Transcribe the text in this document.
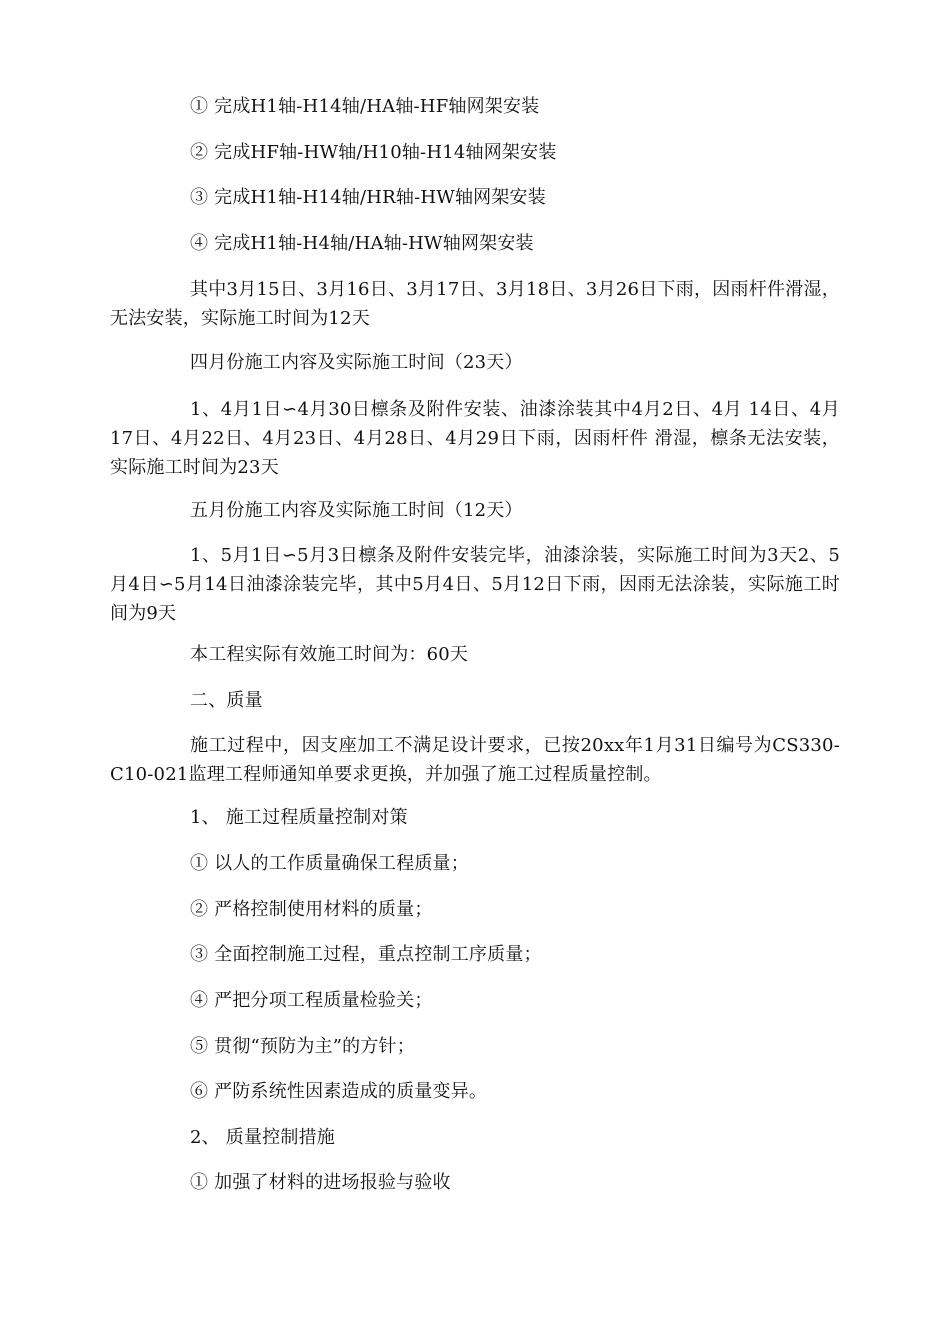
① 完成H1轴-H14轴/HA轴-HF轴网架安装

② 完成HF轴-HW轴/H10轴-H14轴网架安装

③ 完成H1轴-H14轴/HR轴-HW轴网架安装

④ 完成H1轴-H4轴/HA轴-HW轴网架安装

其中3月15日、3月16日、3月17日、3月18日、3月26日下雨，因雨杆件滑湿，无法安装，实际施工时间为12天

四月份施工内容及实际施工时间（23天）

1、4月1日∽4月30日檩条及附件安装、油漆涂装其中4月2日、4月 14日、4月17日、4月22日、4月23日、4月28日、4月29日下雨，因雨杆件 滑湿，檩条无法安装，实际施工时间为23天

五月份施工内容及实际施工时间（12天）

1、5月1日∽5月3日檩条及附件安装完毕，油漆涂装，实际施工时间为3天2、5月4日∽5月14日油漆涂装完毕，其中5月4日、5月12日下雨，因雨无法涂装，实际施工时间为9天

本工程实际有效施工时间为：60天

二、质量

施工过程中，因支座加工不满足设计要求，已按20xx年1月31日编号为CS330-C10-021监理工程师通知单要求更换，并加强了施工过程质量控制。

1、 施工过程质量控制对策

① 以人的工作质量确保工程质量；

② 严格控制使用材料的质量；

③ 全面控制施工过程，重点控制工序质量；

④ 严把分项工程质量检验关；

⑤ 贯彻“预防为主”的方针；

⑥ 严防系统性因素造成的质量变异。

2、 质量控制措施

① 加强了材料的进场报验与验收
